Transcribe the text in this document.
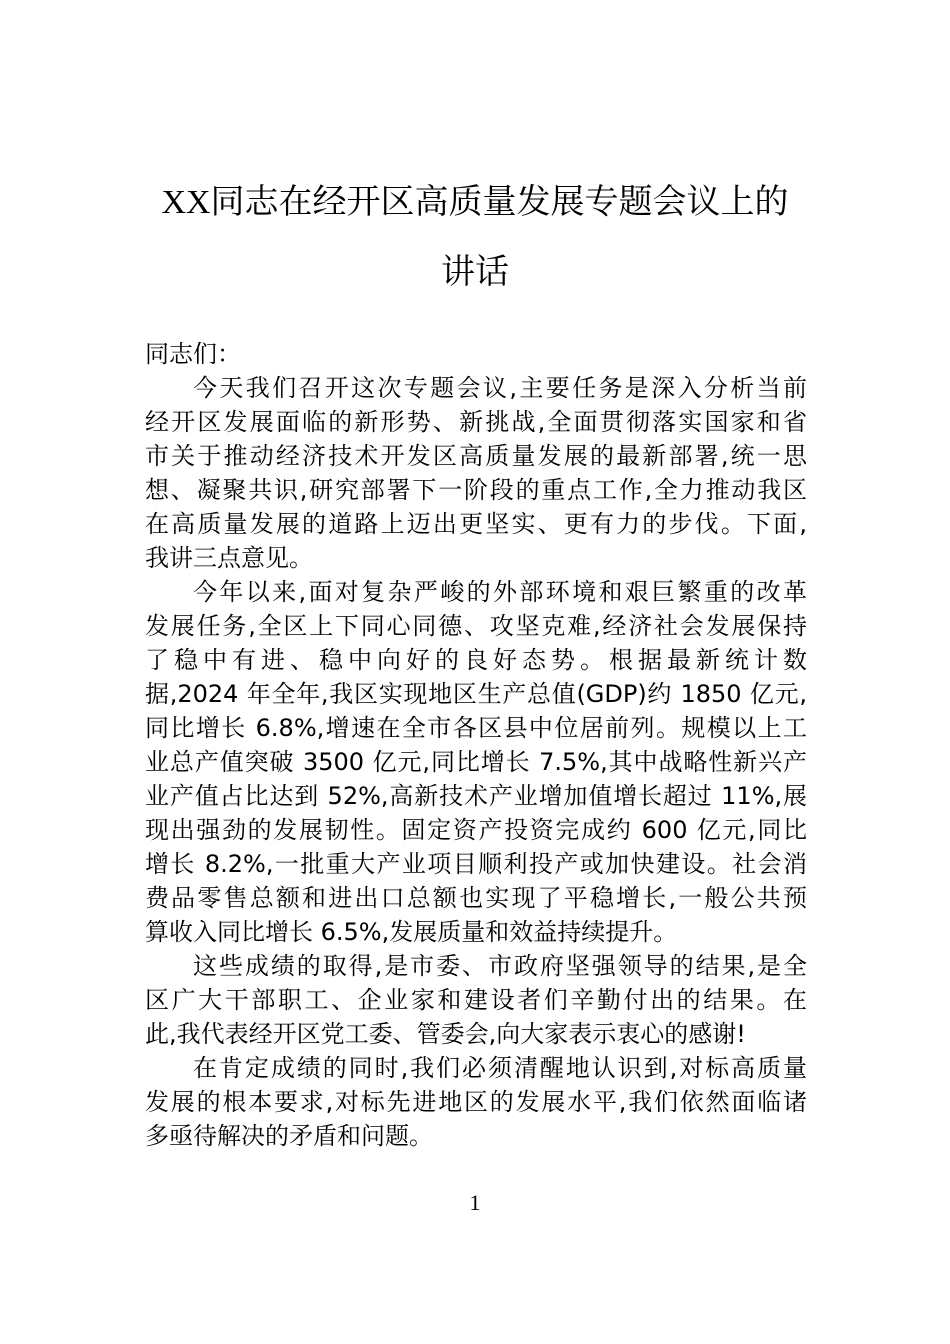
XX同志在经开区高质量发展专题会议上的
讲话
同志们：
今天我们召开这次专题会议,主要任务是深入分析当前
经开区发展面临的新形势、新挑战,全面贯彻落实国家和省
市关于推动经济技术开发区高质量发展的最新部署,统一思
想、凝聚共识,研究部署下一阶段的重点工作,全力推动我区
在高质量发展的道路上迈出更坚实、更有力的步伐。下面,
我讲三点意见。
今年以来,面对复杂严峻的外部环境和艰巨繁重的改革
发展任务,全区上下同心同德、攻坚克难,经济社会发展保持
了稳中有进、稳中向好的良好态势。根据最新统计数
据,2024 年全年,我区实现地区生产总值(GDP)约 1850 亿元,
同比增长 6.8%,增速在全市各区县中位居前列。规模以上工
业总产值突破 3500 亿元,同比增长 7.5%,其中战略性新兴产
业产值占比达到 52%,高新技术产业增加值增长超过 11%,展
现出强劲的发展韧性。固定资产投资完成约 600 亿元,同比
增长 8.2%,一批重大产业项目顺利投产或加快建设。社会消
费品零售总额和进出口总额也实现了平稳增长,一般公共预
算收入同比增长 6.5%,发展质量和效益持续提升。
这些成绩的取得,是市委、市政府坚强领导的结果,是全
区广大干部职工、企业家和建设者们辛勤付出的结果。在
此,我代表经开区党工委、管委会,向大家表示衷心的感谢!
在肯定成绩的同时,我们必须清醒地认识到,对标高质量
发展的根本要求,对标先进地区的发展水平,我们依然面临诸
多亟待解决的矛盾和问题。
1
